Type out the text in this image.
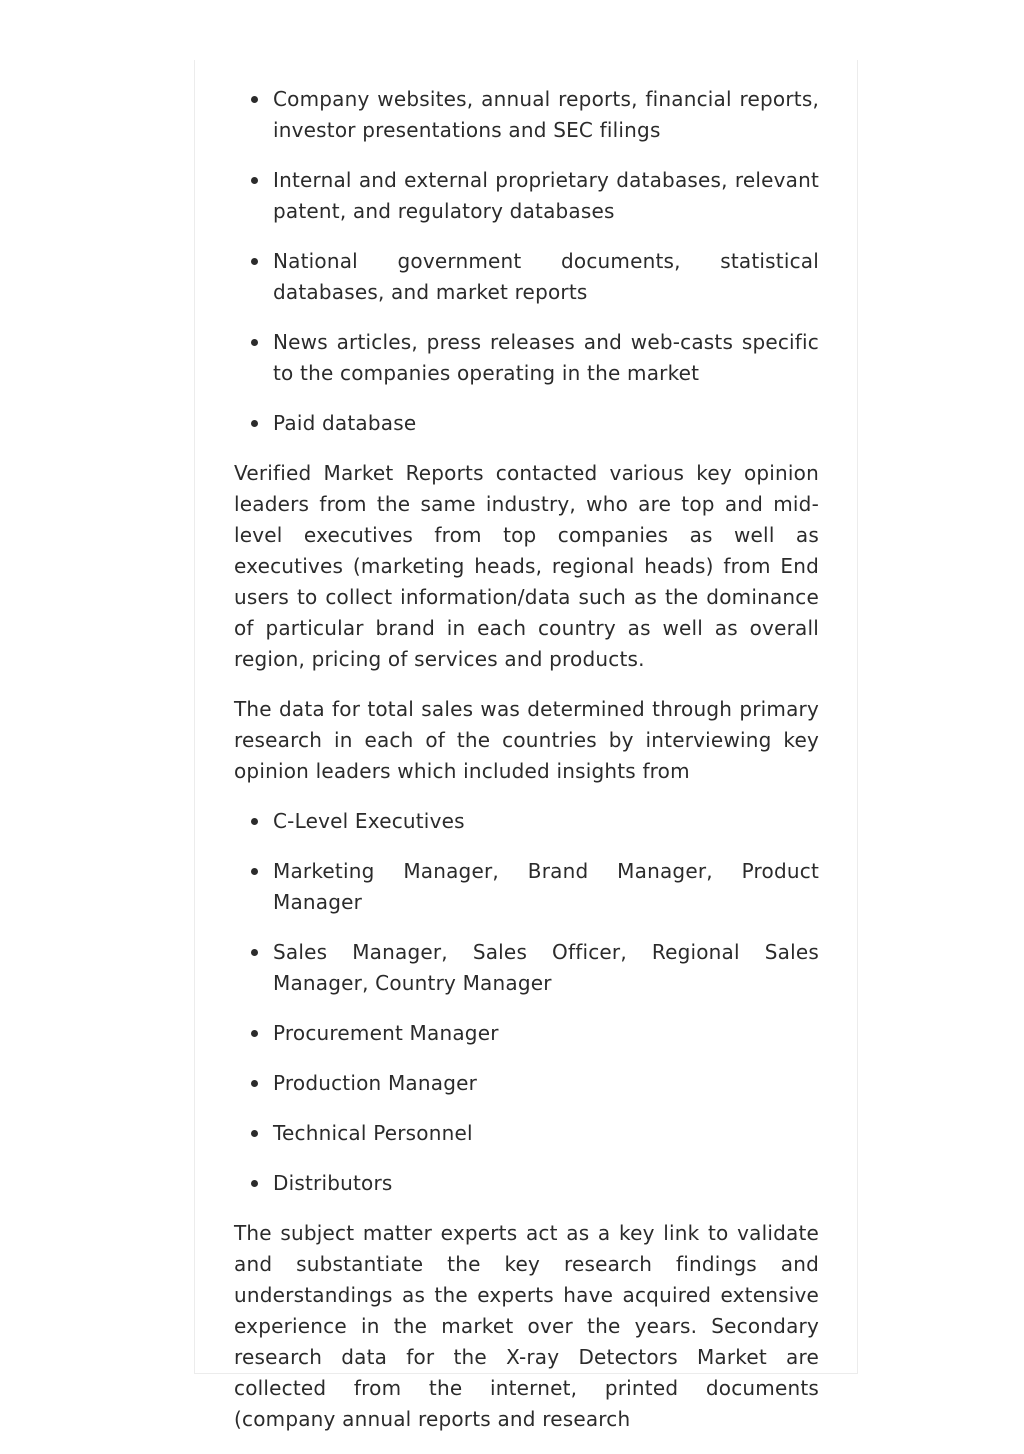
Company websites, annual reports, financial reports, investor presentations and SEC filings
Internal and external proprietary databases, relevant patent, and regulatory databases
National government documents, statistical databases, and market reports
News articles, press releases and web-casts specific to the companies operating in the market
Paid database

Verified Market Reports contacted various key opinion leaders from the same industry, who are top and mid-level executives from top companies as well as executives (marketing heads, regional heads) from End users to collect information/data such as the dominance of particular brand in each country as well as overall region, pricing of services and products.

The data for total sales was determined through primary research in each of the countries by interviewing key opinion leaders which included insights from

C-Level Executives
Marketing Manager, Brand Manager, Product Manager
Sales Manager, Sales Officer, Regional Sales Manager, Country Manager
Procurement Manager
Production Manager
Technical Personnel
Distributors

The subject matter experts act as a key link to validate and substantiate the key research findings and understandings as the experts have acquired extensive experience in the market over the years. Secondary research data for the X-ray Detectors Market are collected from the internet, printed documents (company annual reports and research
